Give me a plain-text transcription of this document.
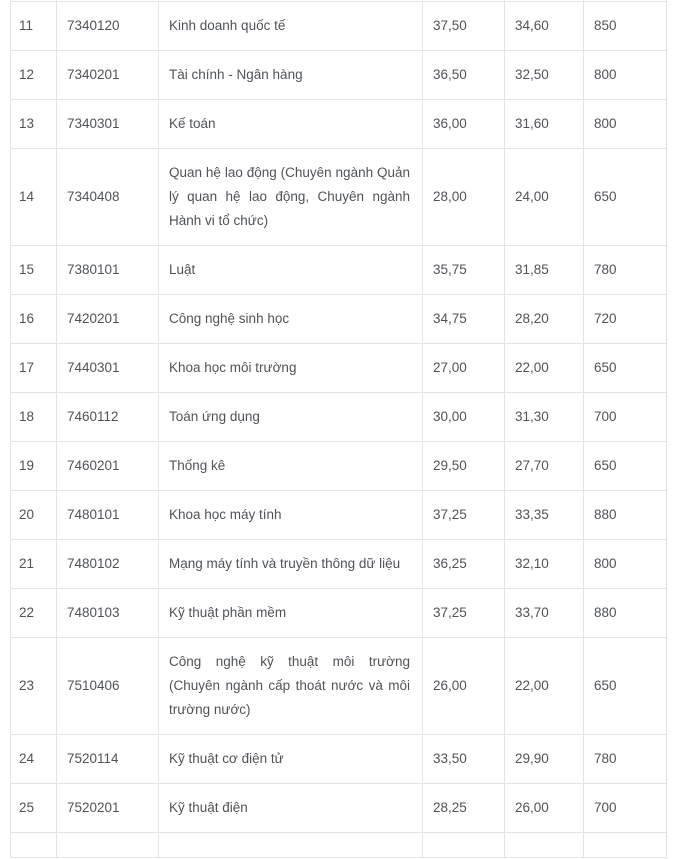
11	7340120	Kinh doanh quốc tế	37,50	34,60	850
12	7340201	Tài chính - Ngân hàng	36,50	32,50	800
13	7340301	Kế toán	36,00	31,60	800
14	7340408	Quan hệ lao động (Chuyên ngành Quản lý quan hệ lao động, Chuyên ngành Hành vi tổ chức)	28,00	24,00	650
15	7380101	Luật	35,75	31,85	780
16	7420201	Công nghệ sinh học	34,75	28,20	720
17	7440301	Khoa học môi trường	27,00	22,00	650
18	7460112	Toán ứng dụng	30,00	31,30	700
19	7460201	Thống kê	29,50	27,70	650
20	7480101	Khoa học máy tính	37,25	33,35	880
21	7480102	Mạng máy tính và truyền thông dữ liệu	36,25	32,10	800
22	7480103	Kỹ thuật phần mềm	37,25	33,70	880
23	7510406	Công nghệ kỹ thuật môi trường (Chuyên ngành cấp thoát nước và môi trường nước)	26,00	22,00	650
24	7520114	Kỹ thuật cơ điện tử	33,50	29,90	780
25	7520201	Kỹ thuật điện	28,25	26,00	700
